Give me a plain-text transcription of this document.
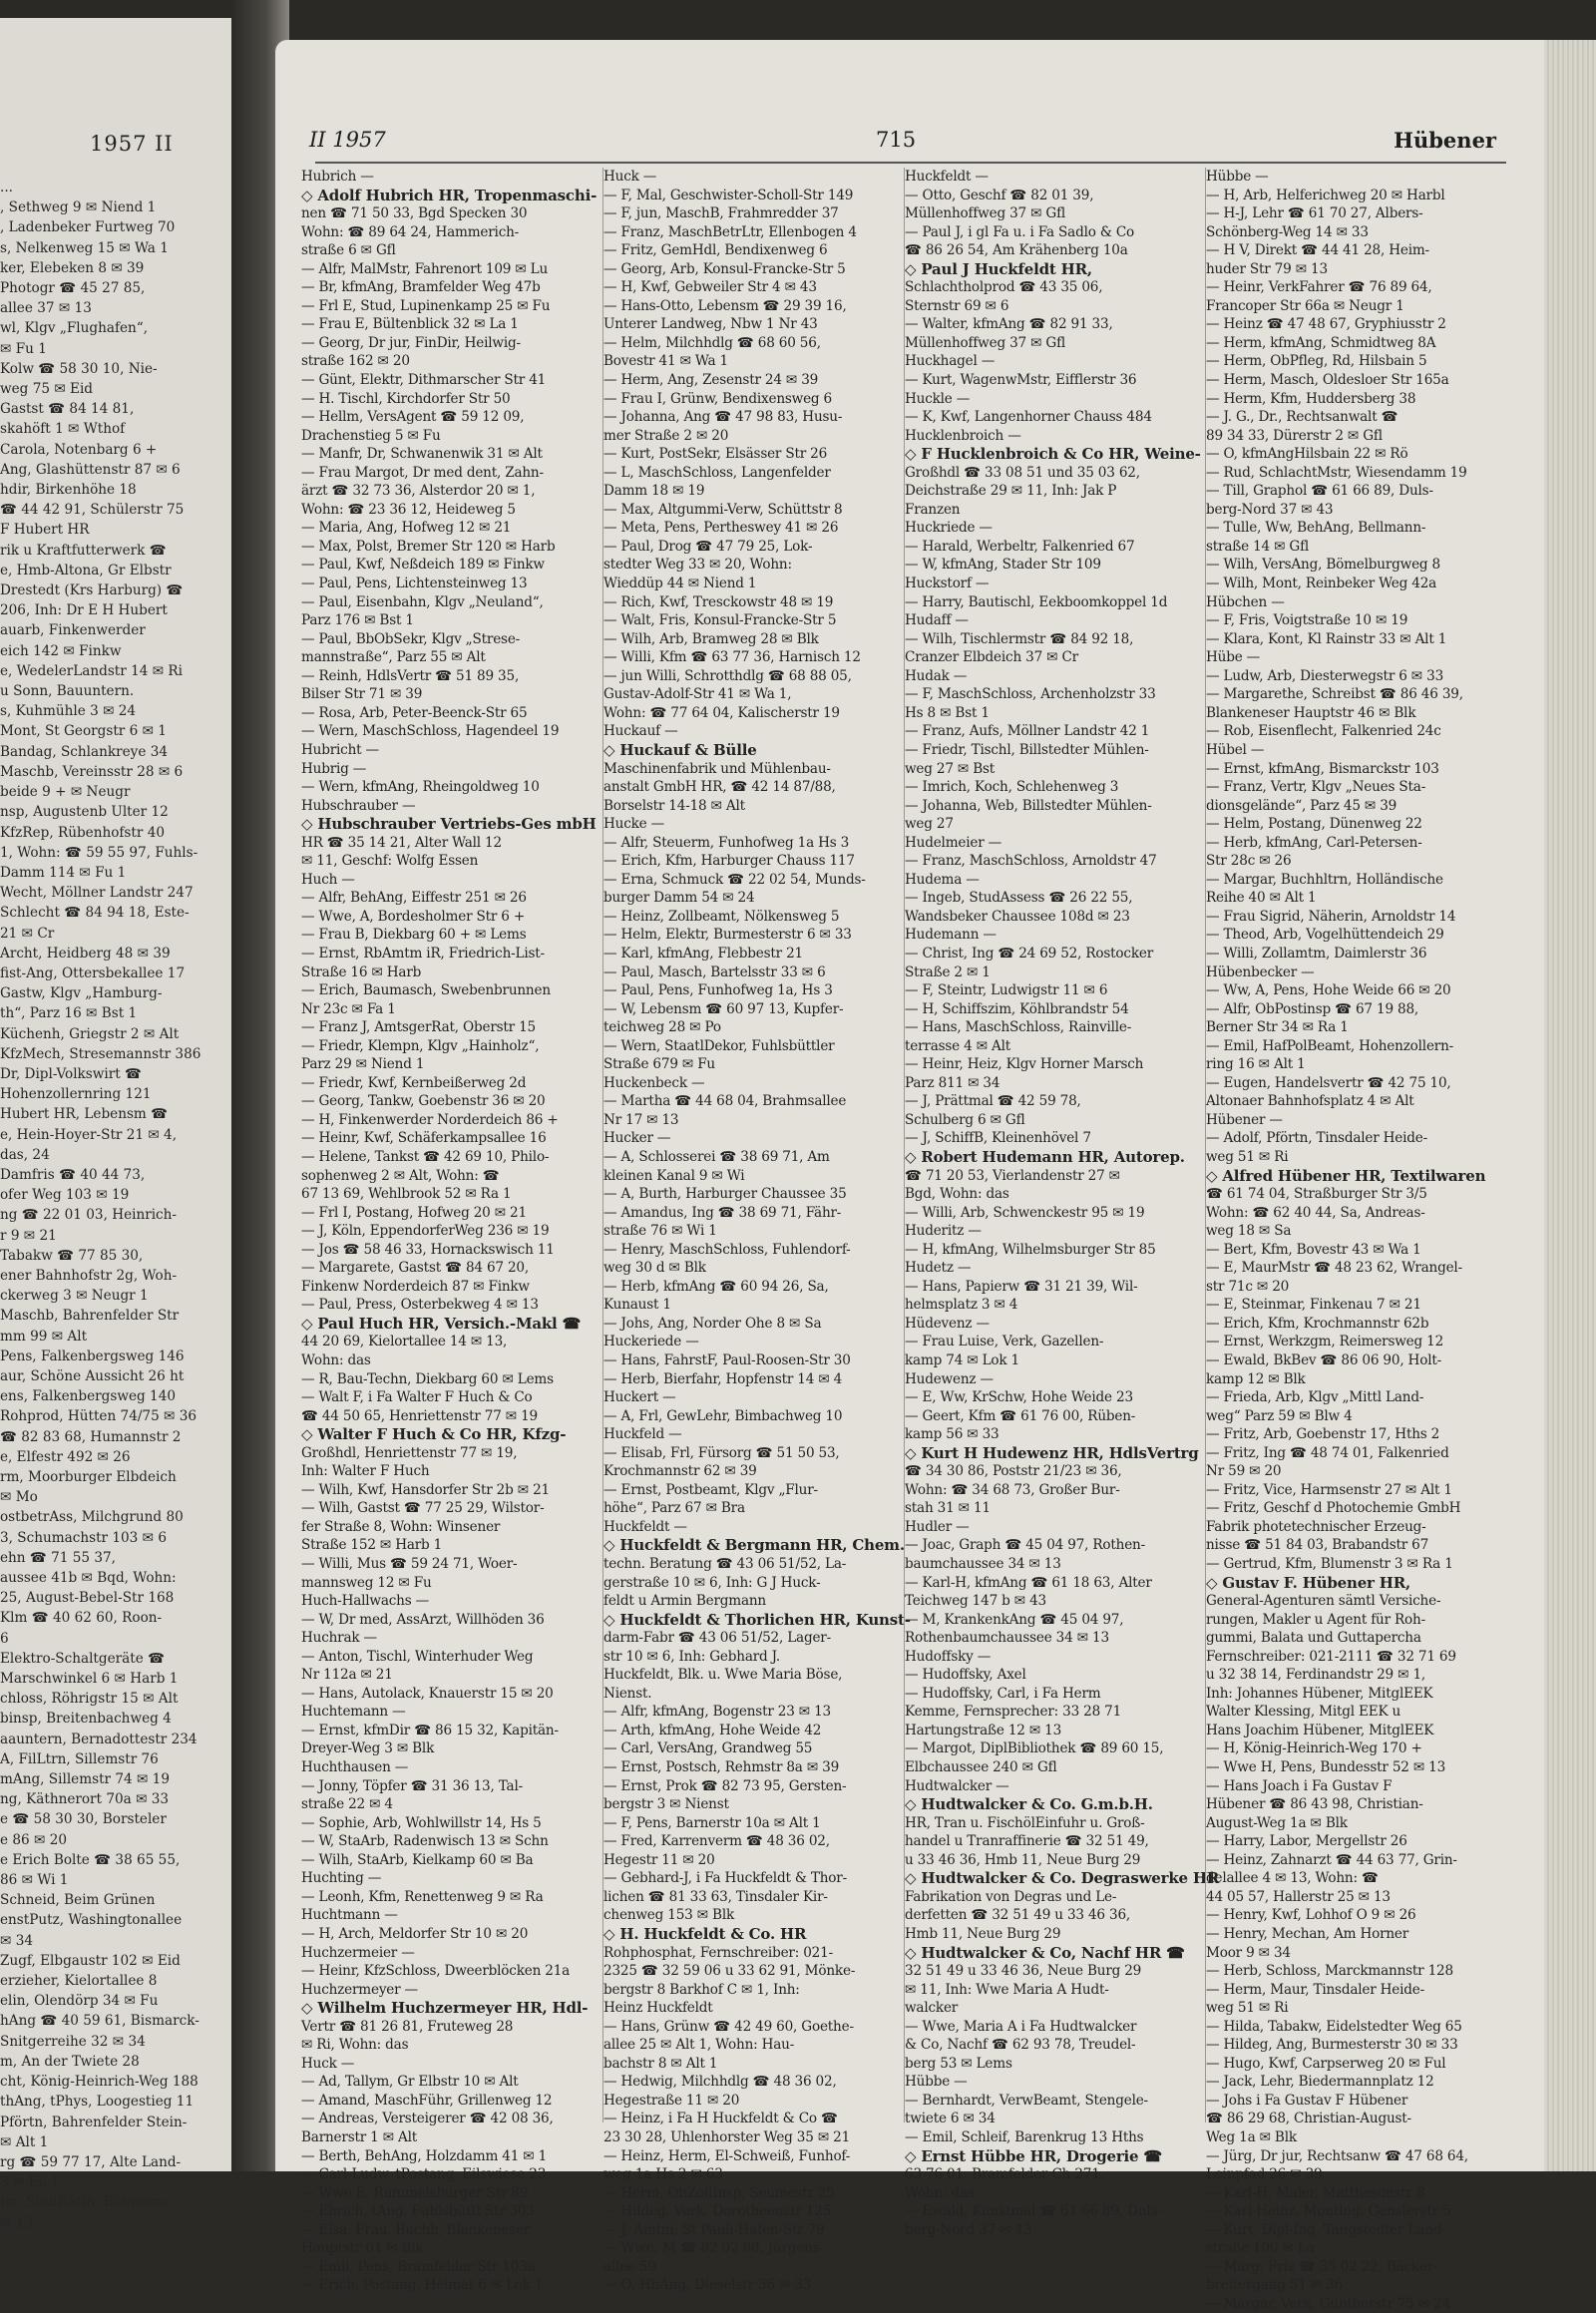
1957 II
...
, Sethweg 9 ✉ Niend 1
, Ladenbeker Furtweg 70
s, Nelkenweg 15 ✉ Wa 1
ker, Elebeken 8 ✉ 39
Photogr ☎ 45 27 85,
allee 37 ✉ 13
wl, Klgv „Flughafen“,
✉ Fu 1
Kolw ☎ 58 30 10, Nie-
weg 75 ✉ Eid
Gastst ☎ 84 14 81,
skahöft 1 ✉ Wthof
Carola, Notenbarg 6 +
Ang, Glashüttenstr 87 ✉ 6
hdir, Birkenhöhe 18
☎ 44 42 91, Schülerstr 75
F Hubert HR
rik u Kraftfutterwerk ☎
e, Hmb-Altona, Gr Elbstr
Drestedt (Krs Harburg) ☎
206, Inh: Dr E H Hubert
auarb, Finkenwerder
eich 142 ✉ Finkw
e, WedelerLandstr 14 ✉ Ri
u Sonn, Bauuntern.
s, Kuhmühle 3 ✉ 24
Mont, St Georgstr 6 ✉ 1
Bandag, Schlankreye 34
Maschb, Vereinsstr 28 ✉ 6
beide 9 + ✉ Neugr
nsp, Augustenb Ulter 12
KfzRep, Rübenhofstr 40
1, Wohn: ☎ 59 55 97, Fuhls-
Damm 114 ✉ Fu 1
Wecht, Möllner Landstr 247
Schlecht ☎ 84 94 18, Este-
21 ✉ Cr
Archt, Heidberg 48 ✉ 39
fist-Ang, Ottersbekallee 17
Gastw, Klgv „Hamburg-
th“, Parz 16 ✉ Bst 1
Küchenh, Griegstr 2 ✉ Alt
KfzMech, Stresemannstr 386
Dr, Dipl-Volkswirt ☎
Hohenzollernring 121
Hubert HR, Lebensm ☎
e, Hein-Hoyer-Str 21 ✉ 4,
das, 24
Damfris ☎ 40 44 73,
ofer Weg 103 ✉ 19
ng ☎ 22 01 03, Heinrich-
r 9 ✉ 21
Tabakw ☎ 77 85 30,
ener Bahnhofstr 2g, Woh-
ckerweg 3 ✉ Neugr 1
Maschb, Bahrenfelder Str
mm 99 ✉ Alt
Pens, Falkenbergsweg 146
aur, Schöne Aussicht 26 ht
ens, Falkenbergsweg 140
Rohprod, Hütten 74/75 ✉ 36
☎ 82 83 68, Humannstr 2
e, Elfestr 492 ✉ 26
rm, Moorburger Elbdeich
✉ Mo
ostbetrAss, Milchgrund 80
3, Schumachstr 103 ✉ 6
ehn ☎ 71 55 37,
aussee 41b ✉ Bqd, Wohn:
25, August-Bebel-Str 168
Klm ☎ 40 62 60, Roon-
6
Elektro-Schaltgeräte ☎
Marschwinkel 6 ✉ Harb 1
chloss, Röhrigstr 15 ✉ Alt
binsp, Breitenbachweg 4
aauntern, Bernadottestr 234
A, FilLtrn, Sillemstr 76
mAng, Sillemstr 74 ✉ 19
ng, Käthnerort 70a ✉ 33
e ☎ 58 30 30, Borsteler
e 86 ✉ 20
e Erich Bolte ☎ 38 65 55,
86 ✉ Wi 1
Schneid, Beim Grünen
enstPutz, Washingtonallee
✉ 34
Zugf, Elbgaustr 102 ✉ Eid
erzieher, Kielortallee 8
elin, Olendörp 34 ✉ Fu
hAng ☎ 40 59 61, Bismarck-
Snitgerreihe 32 ✉ 34
m, An der Twiete 28
cht, König-Heinrich-Weg 188
thAng, tPhys, Loogestieg 11
Pförtn, Bahrenfelder Stein-
✉ Alt 1
rg ☎ 59 77 17, Alte Land-
3 ✉ Fu 1
trr, StudRätin, Böhmers-
✉ 13
II 1957	715	Hübener
Hubrich —
◇ Adolf Hubrich HR, Tropenmaschi-
nen ☎ 71 50 33, Bgd Specken 30
Wohn: ☎ 89 64 24, Hammerich-
straße 6 ✉ Gfl
— Alfr, MalMstr, Fahrenort 109 ✉ Lu
— Br, kfmAng, Bramfelder Weg 47b
— Frl E, Stud, Lupinenkamp 25 ✉ Fu
— Frau E, Bültenblick 32 ✉ La 1
— Georg, Dr jur, FinDir, Heilwig-
straße 162 ✉ 20
— Günt, Elektr, Dithmarscher Str 41
— H. Tischl, Kirchdorfer Str 50
— Hellm, VersAgent ☎ 59 12 09,
Drachenstieg 5 ✉ Fu
— Manfr, Dr, Schwanenwik 31 ✉ Alt
— Frau Margot, Dr med dent, Zahn-
ärzt ☎ 32 73 36, Alsterdor 20 ✉ 1,
Wohn: ☎ 23 36 12, Heideweg 5
— Maria, Ang, Hofweg 12 ✉ 21
— Max, Polst, Bremer Str 120 ✉ Harb
— Paul, Kwf, Neßdeich 189 ✉ Finkw
— Paul, Pens, Lichtensteinweg 13
— Paul, Eisenbahn, Klgv „Neuland“,
Parz 176 ✉ Bst 1
— Paul, BbObSekr, Klgv „Strese-
mannstraße“, Parz 55 ✉ Alt
— Reinh, HdlsVertr ☎ 51 89 35,
Bilser Str 71 ✉ 39
— Rosa, Arb, Peter-Beenck-Str 65
— Wern, MaschSchloss, Hagendeel 19
Hubricht —
Hubrig —
— Wern, kfmAng, Rheingoldweg 10
Hubschrauber —
◇ Hubschrauber Vertriebs-Ges mbH
HR ☎ 35 14 21, Alter Wall 12
✉ 11, Geschf: Wolfg Essen
Huch —
— Alfr, BehAng, Eiffestr 251 ✉ 26
— Wwe, A, Bordesholmer Str 6 +
— Frau B, Diekbarg 60 + ✉ Lems
— Ernst, RbAmtm iR, Friedrich-List-
Straße 16 ✉ Harb
— Erich, Baumasch, Swebenbrunnen
Nr 23c ✉ Fa 1
— Franz J, AmtsgerRat, Oberstr 15
— Friedr, Klempn, Klgv „Hainholz“,
Parz 29 ✉ Niend 1
— Friedr, Kwf, Kernbeißerweg 2d
— Georg, Tankw, Goebenstr 36 ✉ 20
— H, Finkenwerder Norderdeich 86 +
— Heinr, Kwf, Schäferkampsallee 16
— Helene, Tankst ☎ 42 69 10, Philo-
sophenweg 2 ✉ Alt, Wohn: ☎
67 13 69, Wehlbrook 52 ✉ Ra 1
— Frl I, Postang, Hofweg 20 ✉ 21
— J, Köln, EppendorferWeg 236 ✉ 19
— Jos ☎ 58 46 33, Hornackswisch 11
— Margarete, Gastst ☎ 84 67 20,
Finkenw Norderdeich 87 ✉ Finkw
— Paul, Press, Osterbekweg 4 ✉ 13
◇ Paul Huch HR, Versich.-Makl ☎
44 20 69, Kielortallee 14 ✉ 13,
Wohn: das
— R, Bau-Techn, Diekbarg 60 ✉ Lems
— Walt F, i Fa Walter F Huch & Co
☎ 44 50 65, Henriettenstr 77 ✉ 19
◇ Walter F Huch & Co HR, Kfzg-
Großhdl, Henriettenstr 77 ✉ 19,
Inh: Walter F Huch
— Wilh, Kwf, Hansdorfer Str 2b ✉ 21
— Wilh, Gastst ☎ 77 25 29, Wilstor-
fer Straße 8, Wohn: Winsener
Straße 152 ✉ Harb 1
— Willi, Mus ☎ 59 24 71, Woer-
mannsweg 12 ✉ Fu
Huch-Hallwachs —
— W, Dr med, AssArzt, Willhöden 36
Huchrak —
— Anton, Tischl, Winterhuder Weg
Nr 112a ✉ 21
— Hans, Autolack, Knauerstr 15 ✉ 20
Huchtemann —
— Ernst, kfmDir ☎ 86 15 32, Kapitän-
Dreyer-Weg 3 ✉ Blk
Huchthausen —
— Jonny, Töpfer ☎ 31 36 13, Tal-
straße 22 ✉ 4
— Sophie, Arb, Wohlwillstr 14, Hs 5
— W, StaArb, Radenwisch 13 ✉ Schn
— Wilh, StaArb, Kielkamp 60 ✉ Ba
Huchting —
— Leonh, Kfm, Renettenweg 9 ✉ Ra
Huchtmann —
— H, Arch, Meldorfer Str 10 ✉ 20
Huchzermeier —
— Heinr, KfzSchloss, Dweerblöcken 21a
Huchzermeyer —
◇ Wilhelm Huchzermeyer HR, Hdl-
Vertr ☎ 81 26 81, Fruteweg 28
✉ Ri, Wohn: das
Huck —
— Ad, Tallym, Gr Elbstr 10 ✉ Alt
— Amand, MaschFühr, Grillenweg 12
— Andreas, Versteigerer ☎ 42 08 36,
Barnerstr 1 ✉ Alt
— Berth, BehAng, Holzdamm 41 ✉ 1
— Carl-Ludw, tPostang, Eilswiese 23
— Wwe E, Rummelsburger Str 89
— Ehrich, tAng, Fuhlsbüttl Str 303
— Elsa, Frau, Buchh, Blankeneser
Hauptstr 61 ✉ Blk
— Emil, Pens, Bramfelder Str 103a
— Erich, Postang, Heimat 6 ✉ Lok 1
Huck —
— F, Mal, Geschwister-Scholl-Str 149
— F, jun, MaschB, Frahmredder 37
— Franz, MaschBetrLtr, Ellenbogen 4
— Fritz, GemHdl, Bendixenweg 6
— Georg, Arb, Konsul-Francke-Str 5
— H, Kwf, Gebweiler Str 4 ✉ 43
— Hans-Otto, Lebensm ☎ 29 39 16,
Unterer Landweg, Nbw 1 Nr 43
— Helm, Milchhdlg ☎ 68 60 56,
Bovestr 41 ✉ Wa 1
— Herm, Ang, Zesenstr 24 ✉ 39
— Frau I, Grünw, Bendixensweg 6
— Johanna, Ang ☎ 47 98 83, Husu-
mer Straße 2 ✉ 20
— Kurt, PostSekr, Elsässer Str 26
— L, MaschSchloss, Langenfelder
Damm 18 ✉ 19
— Max, Altgummi-Verw, Schüttstr 8
— Meta, Pens, Pertheswey 41 ✉ 26
— Paul, Drog ☎ 47 79 25, Lok-
stedter Weg 33 ✉ 20, Wohn:
Wieddüp 44 ✉ Niend 1
— Rich, Kwf, Tresckowstr 48 ✉ 19
— Walt, Fris, Konsul-Francke-Str 5
— Wilh, Arb, Bramweg 28 ✉ Blk
— Willi, Kfm ☎ 63 77 36, Harnisch 12
— jun Willi, Schrotthdlg ☎ 68 88 05,
Gustav-Adolf-Str 41 ✉ Wa 1,
Wohn: ☎ 77 64 04, Kalischerstr 19
Huckauf —
◇ Huckauf & Bülle
Maschinenfabrik und Mühlenbau-
anstalt GmbH HR, ☎ 42 14 87/88,
Borselstr 14-18 ✉ Alt
Hucke —
— Alfr, Steuerm, Funhofweg 1a Hs 3
— Erich, Kfm, Harburger Chauss 117
— Erna, Schmuck ☎ 22 02 54, Munds-
burger Damm 54 ✉ 24
— Heinz, Zollbeamt, Nölkensweg 5
— Helm, Elektr, Burmesterstr 6 ✉ 33
— Karl, kfmAng, Flebbestr 21
— Paul, Masch, Bartelsstr 33 ✉ 6
— Paul, Pens, Funhofweg 1a, Hs 3
— W, Lebensm ☎ 60 97 13, Kupfer-
teichweg 28 ✉ Po
— Wern, StaatlDekor, Fuhlsbüttler
Straße 679 ✉ Fu
Huckenbeck —
— Martha ☎ 44 68 04, Brahmsallee
Nr 17 ✉ 13
Hucker —
— A, Schlosserei ☎ 38 69 71, Am
kleinen Kanal 9 ✉ Wi
— A, Burth, Harburger Chaussee 35
— Amandus, Ing ☎ 38 69 71, Fähr-
straße 76 ✉ Wi 1
— Henry, MaschSchloss, Fuhlendorf-
weg 30 d ✉ Blk
— Herb, kfmAng ☎ 60 94 26, Sa,
Kunaust 1
— Johs, Ang, Norder Ohe 8 ✉ Sa
Huckeriede —
— Hans, FahrstF, Paul-Roosen-Str 30
— Herb, Bierfahr, Hopfenstr 14 ✉ 4
Huckert —
— A, Frl, GewLehr, Bimbachweg 10
Huckfeld —
— Elisab, Frl, Fürsorg ☎ 51 50 53,
Krochmannstr 62 ✉ 39
— Ernst, Postbeamt, Klgv „Flur-
höhe“, Parz 67 ✉ Bra
Huckfeldt —
◇ Huckfeldt & Bergmann HR, Chem.
techn. Beratung ☎ 43 06 51/52, La-
gerstraße 10 ✉ 6, Inh: G J Huck-
feldt u Armin Bergmann
◇ Huckfeldt & Thorlichen HR, Kunst-
darm-Fabr ☎ 43 06 51/52, Lager-
str 10 ✉ 6, Inh: Gebhard J.
Huckfeldt, Blk. u. Wwe Maria Böse,
Nienst.
— Alfr, kfmAng, Bogenstr 23 ✉ 13
— Arth, kfmAng, Hohe Weide 42
— Carl, VersAng, Grandweg 55
— Ernst, Postsch, Rehmstr 8a ✉ 39
— Ernst, Prok ☎ 82 73 95, Gersten-
bergstr 3 ✉ Nienst
— F, Pens, Barnerstr 10a ✉ Alt 1
— Fred, Karrenverm ☎ 48 36 02,
Hegestr 11 ✉ 20
— Gebhard-J, i Fa Huckfeldt & Thor-
lichen ☎ 81 33 63, Tinsdaler Kir-
chenweg 153 ✉ Blk
◇ H. Huckfeldt & Co. HR
Rohphosphat, Fernschreiber: 021-
2325 ☎ 32 59 06 u 33 62 91, Mönke-
bergstr 8 Barkhof C ✉ 1, Inh:
Heinz Huckfeldt
— Hans, Grünw ☎ 42 49 60, Goethe-
allee 25 ✉ Alt 1, Wohn: Hau-
bachstr 8 ✉ Alt 1
— Hedwig, Milchhdlg ☎ 48 36 02,
Hegestraße 11 ✉ 20
— Heinz, i Fa H Huckfeldt & Co ☎
23 30 28, Uhlenhorster Weg 35 ✉ 21
— Heinz, Herm, El-Schweiß, Funhof-
weg 1a Hs 2 ✉ 63
— Herm, ObZollInsp, Seumestr 25
— Hildeg, Verk, Dorotheenstr 125
— J, Amtm, St Pauli-Hafen-Str 79
— Wwe, M ☎ 82 02 88, Jürgens-
allee 59
— O, HbAng, Dieselstr 36 ✉ 33
Huckfeldt —
— Otto, Geschf ☎ 82 01 39,
Müllenhoffweg 37 ✉ Gfl
— Paul J, i gl Fa u. i Fa Sadlo & Co
☎ 86 26 54, Am Krähenberg 10a
◇ Paul J Huckfeldt HR,
Schlachtholprod ☎ 43 35 06,
Sternstr 69 ✉ 6
— Walter, kfmAng ☎ 82 91 33,
Müllenhoffweg 37 ✉ Gfl
Huckhagel —
— Kurt, WagenwMstr, Eifflerstr 36
Huckle —
— K, Kwf, Langenhorner Chauss 484
Hucklenbroich —
◇ F Hucklenbroich & Co HR, Weine-
Großhdl ☎ 33 08 51 und 35 03 62,
Deichstraße 29 ✉ 11, Inh: Jak P
Franzen
Huckriede —
— Harald, Werbeltr, Falkenried 67
— W, kfmAng, Stader Str 109
Huckstorf —
— Harry, Bautischl, Eekboomkoppel 1d
Hudaff —
— Wilh, Tischlermstr ☎ 84 92 18,
Cranzer Elbdeich 37 ✉ Cr
Hudak —
— F, MaschSchloss, Archenholzstr 33
Hs 8 ✉ Bst 1
— Franz, Aufs, Möllner Landstr 42 1
— Friedr, Tischl, Billstedter Mühlen-
weg 27 ✉ Bst
— Imrich, Koch, Schlehenweg 3
— Johanna, Web, Billstedter Mühlen-
weg 27
Hudelmeier —
— Franz, MaschSchloss, Arnoldstr 47
Hudema —
— Ingeb, StudAssess ☎ 26 22 55,
Wandsbeker Chaussee 108d ✉ 23
Hudemann —
— Christ, Ing ☎ 24 69 52, Rostocker
Straße 2 ✉ 1
— F, Steintr, Ludwigstr 11 ✉ 6
— H, Schiffszim, Köhlbrandstr 54
— Hans, MaschSchloss, Rainville-
terrasse 4 ✉ Alt
— Heinr, Heiz, Klgv Horner Marsch
Parz 811 ✉ 34
— J, Prättmal ☎ 42 59 78,
Schulberg 6 ✉ Gfl
— J, SchiffB, Kleinenhövel 7
◇ Robert Hudemann HR, Autorep.
☎ 71 20 53, Vierlandenstr 27 ✉
Bgd, Wohn: das
— Willi, Arb, Schwenckestr 95 ✉ 19
Huderitz —
— H, kfmAng, Wilhelmsburger Str 85
Hudetz —
— Hans, Papierw ☎ 31 21 39, Wil-
helmsplatz 3 ✉ 4
Hüdevenz —
— Frau Luise, Verk, Gazellen-
kamp 74 ✉ Lok 1
Hudewenz —
— E, Ww, KrSchw, Hohe Weide 23
— Geert, Kfm ☎ 61 76 00, Rüben-
kamp 56 ✉ 33
◇ Kurt H Hudewenz HR, HdlsVertrg
☎ 34 30 86, Poststr 21/23 ✉ 36,
Wohn: ☎ 34 68 73, Großer Bur-
stah 31 ✉ 11
Hudler —
— Joac, Graph ☎ 45 04 97, Rothen-
baumchaussee 34 ✉ 13
— Karl-H, kfmAng ☎ 61 18 63, Alter
Teichweg 147 b ✉ 43
— M, KrankenkAng ☎ 45 04 97,
Rothenbaumchaussee 34 ✉ 13
Hudoffsky —
— Hudoffsky, Axel
— Hudoffsky, Carl, i Fa Herm
Kemme, Fernsprecher: 33 28 71
Hartungstraße 12 ✉ 13
— Margot, DiplBibliothek ☎ 89 60 15,
Elbchaussee 240 ✉ Gfl
Hudtwalcker —
◇ Hudtwalcker & Co. G.m.b.H.
HR, Tran u. FischölEinfuhr u. Groß-
handel u Tranraffinerie ☎ 32 51 49,
u 33 46 36, Hmb 11, Neue Burg 29
◇ Hudtwalcker & Co. Degraswerke HR
Fabrikation von Degras und Le-
derfetten ☎ 32 51 49 u 33 46 36,
Hmb 11, Neue Burg 29
◇ Hudtwalcker & Co, Nachf HR ☎
32 51 49 u 33 46 36, Neue Burg 29
✉ 11, Inh: Wwe Maria A Hudt-
walcker
— Wwe, Maria A i Fa Hudtwalcker
& Co, Nachf ☎ 62 93 78, Treudel-
berg 53 ✉ Lems
Hübbe —
— Bernhardt, VerwBeamt, Stengele-
twiete 6 ✉ 34
— Emil, Schleif, Barenkrug 13 Hths
◇ Ernst Hübbe HR, Drogerie ☎
63 76 01, Bramfelder Ch 271,
Wohn: das
— Ewald, Kunstmal ☎ 61 66 89, Duls-
berg-Nord 37 ✉ 43
Hübbe —
— H, Arb, Helferichweg 20 ✉ Harbl
— H-J, Lehr ☎ 61 70 27, Albers-
Schönberg-Weg 14 ✉ 33
— H V, Direkt ☎ 44 41 28, Heim-
huder Str 79 ✉ 13
— Heinr, VerkFahrer ☎ 76 89 64,
Francoper Str 66a ✉ Neugr 1
— Heinz ☎ 47 48 67, Gryphiusstr 2
— Herm, kfmAng, Schmidtweg 8A
— Herm, ObPfleg, Rd, Hilsbain 5
— Herm, Masch, Oldesloer Str 165a
— Herm, Kfm, Huddersberg 38
— J. G., Dr., Rechtsanwalt ☎
89 34 33, Dürerstr 2 ✉ Gfl
— O, kfmAngHilsbain 22 ✉ Rö
— Rud, SchlachtMstr, Wiesendamm 19
— Till, Graphol ☎ 61 66 89, Duls-
berg-Nord 37 ✉ 43
— Tulle, Ww, BehAng, Bellmann-
straße 14 ✉ Gfl
— Wilh, VersAng, Bömelburgweg 8
— Wilh, Mont, Reinbeker Weg 42a
Hübchen —
— F, Fris, Voigtstraße 10 ✉ 19
— Klara, Kont, Kl Rainstr 33 ✉ Alt 1
Hübe —
— Ludw, Arb, Diesterwegstr 6 ✉ 33
— Margarethe, Schreibst ☎ 86 46 39,
Blankeneser Hauptstr 46 ✉ Blk
— Rob, Eisenflecht, Falkenried 24c
Hübel —
— Ernst, kfmAng, Bismarckstr 103
— Franz, Vertr, Klgv „Neues Sta-
dionsgelände“, Parz 45 ✉ 39
— Helm, Postang, Dünenweg 22
— Herb, kfmAng, Carl-Petersen-
Str 28c ✉ 26
— Margar, Buchhltrn, Holländische
Reihe 40 ✉ Alt 1
— Frau Sigrid, Näherin, Arnoldstr 14
— Theod, Arb, Vogelhüttendeich 29
— Willi, Zollamtm, Daimlerstr 36
Hübenbecker —
— Ww, A, Pens, Hohe Weide 66 ✉ 20
— Alfr, ObPostinsp ☎ 67 19 88,
Berner Str 34 ✉ Ra 1
— Emil, HafPolBeamt, Hohenzollern-
ring 16 ✉ Alt 1
— Eugen, Handelsvertr ☎ 42 75 10,
Altonaer Bahnhofsplatz 4 ✉ Alt
Hübener —
— Adolf, Pförtn, Tinsdaler Heide-
weg 51 ✉ Ri
◇ Alfred Hübener HR, Textilwaren
☎ 61 74 04, Straßburger Str 3/5
Wohn: ☎ 62 40 44, Sa, Andreas-
weg 18 ✉ Sa
— Bert, Kfm, Bovestr 43 ✉ Wa 1
— E, MaurMstr ☎ 48 23 62, Wrangel-
str 71c ✉ 20
— E, Steinmar, Finkenau 7 ✉ 21
— Erich, Kfm, Krochmannstr 62b
— Ernst, Werkzgm, Reimersweg 12
— Ewald, BkBev ☎ 86 06 90, Holt-
kamp 12 ✉ Blk
— Frieda, Arb, Klgv „Mittl Land-
weg“ Parz 59 ✉ Blw 4
— Fritz, Arb, Goebenstr 17, Hths 2
— Fritz, Ing ☎ 48 74 01, Falkenried
Nr 59 ✉ 20
— Fritz, Vice, Harmsenstr 27 ✉ Alt 1
— Fritz, Geschf d Photochemie GmbH
Fabrik photetechnischer Erzeug-
nisse ☎ 51 84 03, Brabandstr 67
— Gertrud, Kfm, Blumenstr 3 ✉ Ra 1
◇ Gustav F. Hübener HR,
General-Agenturen sämtl Versiche-
rungen, Makler u Agent für Roh-
gummi, Balata und Guttapercha
Fernschreiber: 021-2111 ☎ 32 71 69
u 32 38 14, Ferdinandstr 29 ✉ 1,
Inh: Johannes Hübener, MitglEEK
Walter Klessing, Mitgl EEK u
Hans Joachim Hübener, MitglEEK
— H, König-Heinrich-Weg 170 +
— Wwe H, Pens, Bundesstr 52 ✉ 13
— Hans Joach i Fa Gustav F
Hübener ☎ 86 43 98, Christian-
August-Weg 1a ✉ Blk
— Harry, Labor, Mergellstr 26
— Heinz, Zahnarzt ☎ 44 63 77, Grin-
delallee 4 ✉ 13, Wohn: ☎
44 05 57, Hallerstr 25 ✉ 13
— Henry, Kwf, Lohhof O 9 ✉ 26
— Henry, Mechan, Am Horner
Moor 9 ✉ 34
— Herb, Schloss, Marckmannstr 128
— Herm, Maur, Tinsdaler Heide-
weg 51 ✉ Ri
— Hilda, Tabakw, Eidelstedter Weg 65
— Hildeg, Ang, Burmesterstr 30 ✉ 33
— Hugo, Kwf, Carpserweg 20 ✉ Ful
— Jack, Lehr, Biedermannplatz 12
— Johs i Fa Gustav F Hübener
☎ 86 29 68, Christian-August-
Weg 1a ✉ Blk
— Jürg, Dr jur, Rechtsanw ☎ 47 68 64,
Leinpfad 26 ✉ 39
— Karl-H, Maler, Matthesonstr 8
— Karl-Heinz, Montlng, Genslerstr 5
— Kurt, Dipl-Ing, Tangstedter Land-
straße 100 ✉ La
— Marg, Fris ☎ 35 02 22, Bäcker-
breitergang 51 ✉ 36
— Margar, Verk, Güntherstr 75 ✉ 24
